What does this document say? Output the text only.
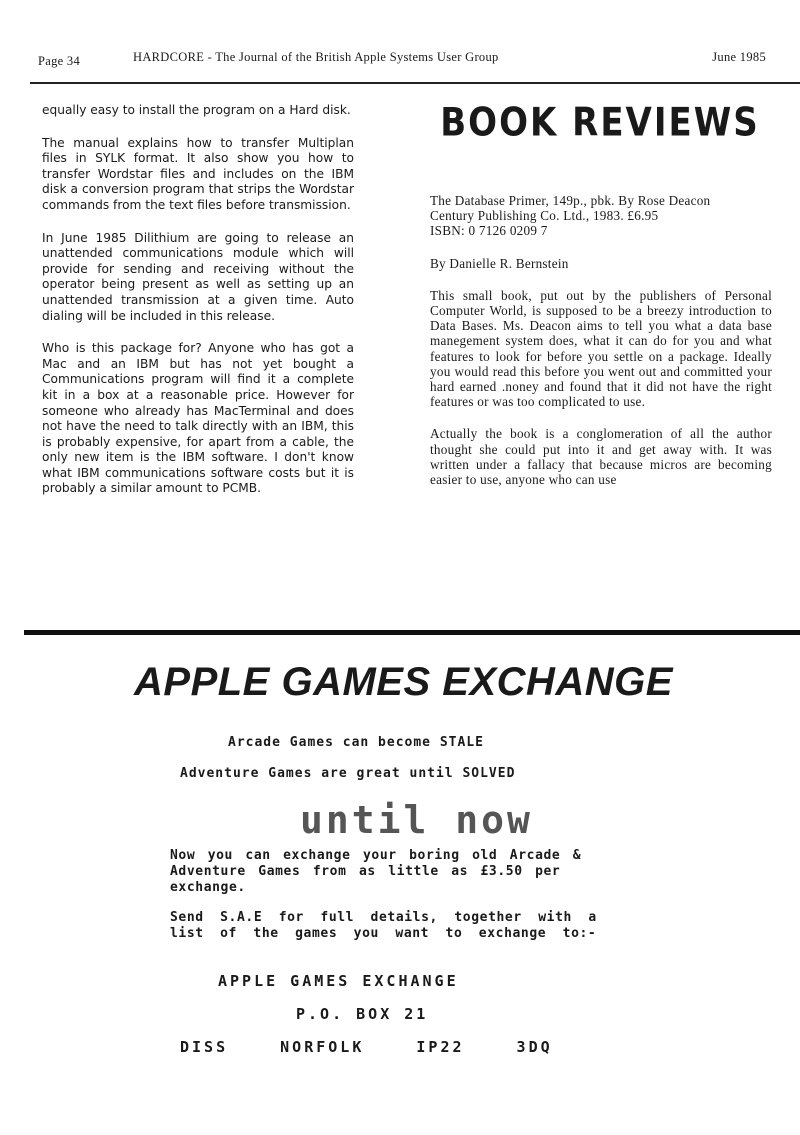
Page 34	HARDCORE - The Journal of the British Apple Systems User Group	June 1985

equally easy to install the program on a Hard disk.

The manual explains how to transfer Multiplan files in SYLK format. It also show you how to transfer Wordstar files and includes on the IBM disk a conversion program that strips the Wordstar commands from the text files before transmission.

In June 1985 Dilithium are going to release an unattended communications module which will provide for sending and receiving without the operator being present as well as setting up an unattended transmission at a given time. Auto dialing will be included in this release.

Who is this package for? Anyone who has got a Mac and an IBM but has not yet bought a Communications program will find it a complete kit in a box at a reasonable price. However for someone who already has MacTerminal and does not have the need to talk directly with an IBM, this is probably expensive, for apart from a cable, the only new item is the IBM software. I don't know what IBM communications software costs but it is probably a similar amount to PCMB.

BOOK REVIEWS

The Database Primer, 149p., pbk. By Rose Deacon
Century Publishing Co. Ltd., 1983. £6.95
ISBN: 0 7126 0209 7

By Danielle R. Bernstein

This small book, put out by the publishers of Personal Computer World, is supposed to be a breezy introduction to Data Bases. Ms. Deacon aims to tell you what a data base manegement system does, what it can do for you and what features to look for before you settle on a package. Ideally you would read this before you went out and committed your hard earned .noney and found that it did not have the right features or was too complicated to use.

Actually the book is a conglomeration of all the author thought she could put into it and get away with. It was written under a fallacy that because micros are becoming easier to use, anyone who can use

APPLE GAMES EXCHANGE
Arcade Games can become STALE
Adventure Games are great until SOLVED
until now
Now you can exchange your boring old Arcade & Adventure Games from as little as £3.50 per exchange.
Send S.A.E for full details, together with a list of the games you want to exchange to:-
APPLE GAMES EXCHANGE
P.O. BOX 21
DISS NORFOLK IP22 3DQ
